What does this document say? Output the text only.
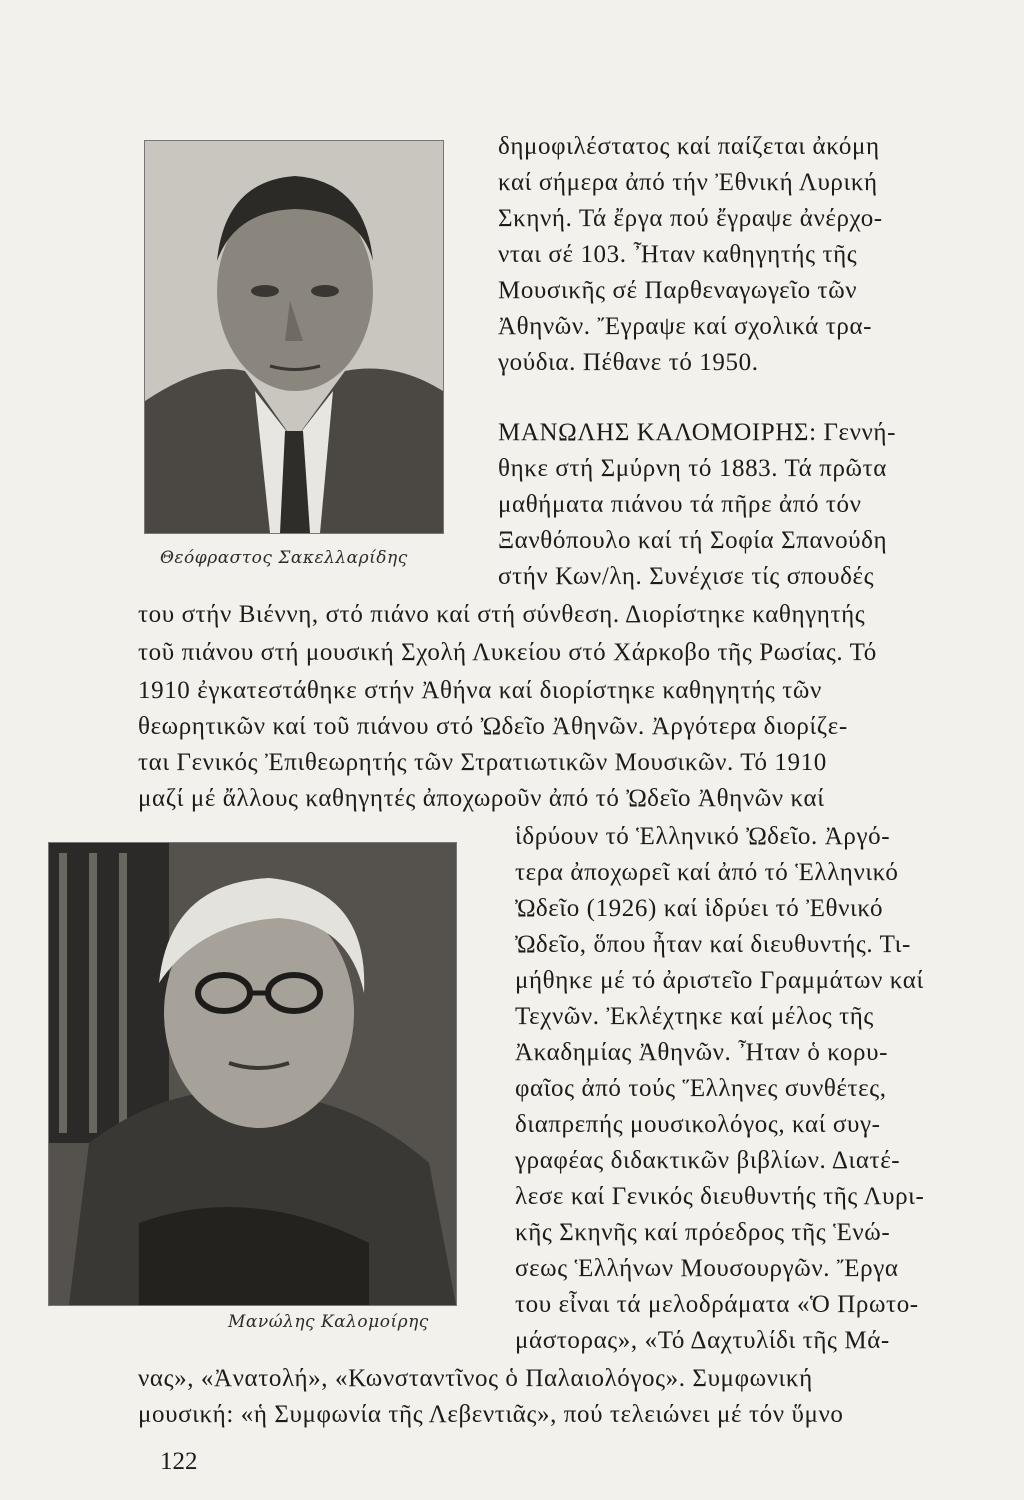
Θεόφραστος Σακελλαρίδης
δημοφιλέστατος καί παίζεται ἀκόμη
καί σήμερα ἀπό τήν Ἐθνική Λυρική
Σκηνή. Τά ἔργα πού ἔγραψε ἀνέρχο-
νται σέ 103. Ἦταν καθηγητής τῆς
Μουσικῆς σέ Παρθεναγωγεῖο τῶν
Ἀθηνῶν. Ἔγραψε καί σχολικά τρα-
γούδια. Πέθανε τό 1950.
ΜΑΝΩΛΗΣ ΚΑΛΟΜΟΙΡΗΣ: Γεννή-
θηκε στή Σμύρνη τό 1883. Τά πρῶτα
μαθήματα πιάνου τά πῆρε ἀπό τόν
Ξανθόπουλο καί τή Σοφία Σπανούδη
στήν Κων/λη. Συνέχισε τίς σπουδές
του στήν Βιέννη, στό πιάνο καί στή σύνθεση. Διορίστηκε καθηγητής
τοῦ πιάνου στή μουσική Σχολή Λυκείου στό Χάρκοβο τῆς Ρωσίας. Τό
1910 ἐγκατεστάθηκε στήν Ἀθήνα καί διορίστηκε καθηγητής τῶν
θεωρητικῶν καί τοῦ πιάνου στό Ὠδεῖο Ἀθηνῶν. Ἀργότερα διορίζε-
ται Γενικός Ἐπιθεωρητής τῶν Στρατιωτικῶν Μουσικῶν. Τό 1910
μαζί μέ ἄλλους καθηγητές ἀποχωροῦν ἀπό τό Ὠδεῖο Ἀθηνῶν καί
Μανώλης Καλομοίρης
ἱδρύουν τό Ἑλληνικό Ὠδεῖο. Ἀργό-
τερα ἀποχωρεῖ καί ἀπό τό Ἑλληνικό
Ὠδεῖο (1926) καί ἱδρύει τό Ἐθνικό
Ὠδεῖο, ὅπου ἦταν καί διευθυντής. Τι-
μήθηκε μέ τό ἀριστεῖο Γραμμάτων καί
Τεχνῶν. Ἐκλέχτηκε καί μέλος τῆς
Ἀκαδημίας Ἀθηνῶν. Ἦταν ὁ κορυ-
φαῖος ἀπό τούς Ἕλληνες συνθέτες,
διαπρεπής μουσικολόγος, καί συγ-
γραφέας διδακτικῶν βιβλίων. Διατέ-
λεσε καί Γενικός διευθυντής τῆς Λυρι-
κῆς Σκηνῆς καί πρόεδρος τῆς Ἑνώ-
σεως Ἑλλήνων Μουσουργῶν. Ἔργα
του εἶναι τά μελοδράματα «Ὁ Πρωτο-
μάστορας», «Τό Δαχτυλίδι τῆς Μά-
νας», «Ἀνατολή», «Κωνσταντῖνος ὁ Παλαιολόγος». Συμφωνική
μουσική: «ἡ Συμφωνία τῆς Λεβεντιᾶς», πού τελειώνει μέ τόν ὕμνο
122
